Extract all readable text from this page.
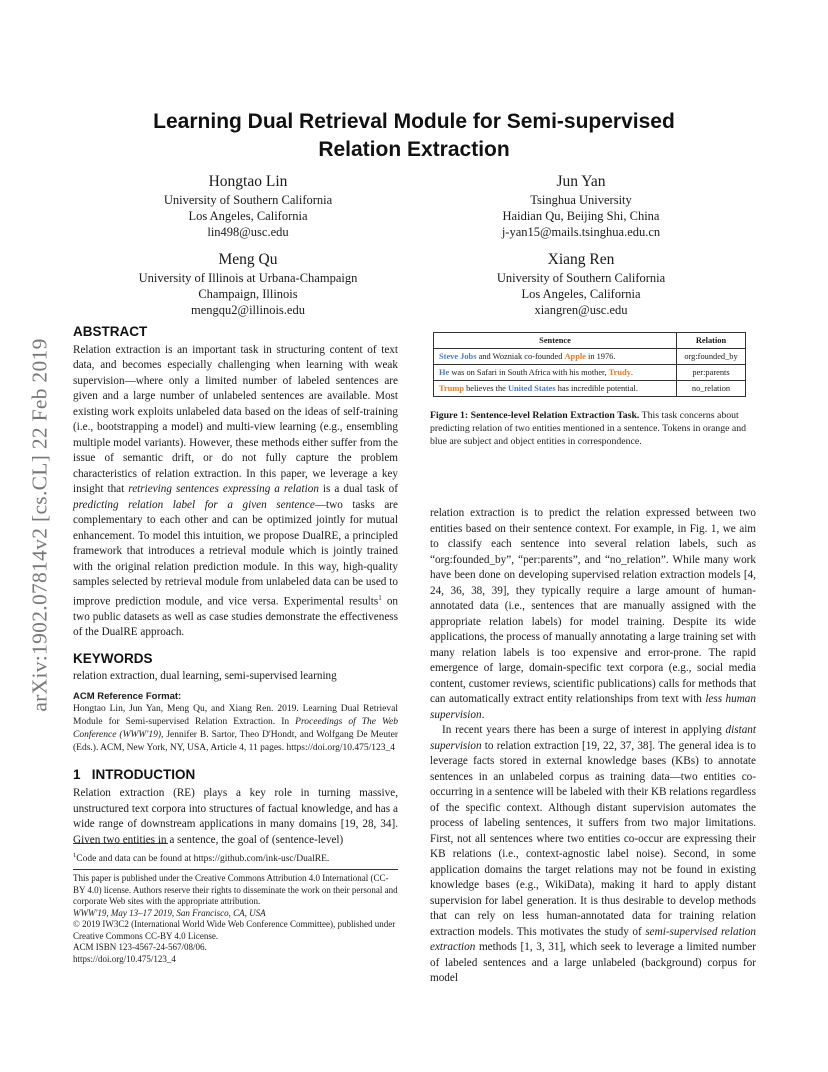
arXiv:1902.07814v2 [cs.CL] 22 Feb 2019
Learning Dual Retrieval Module for Semi-supervised
Relation Extraction
Hongtao Lin
University of Southern California
Los Angeles, California
lin498@usc.edu
Jun Yan
Tsinghua University
Haidian Qu, Beijing Shi, China
j-yan15@mails.tsinghua.edu.cn
Meng Qu
University of Illinois at Urbana-Champaign
Champaign, Illinois
mengqu2@illinois.edu
Xiang Ren
University of Southern California
Los Angeles, California
xiangren@usc.edu
ABSTRACT

Relation extraction is an important task in structuring content of text data, and becomes especially challenging when learning with weak supervision—where only a limited number of labeled sentences are given and a large number of unlabeled sentences are available. Most existing work exploits unlabeled data based on the ideas of self-training (i.e., bootstrapping a model) and multi-view learning (e.g., ensembling multiple model variants). However, these methods either suffer from the issue of semantic drift, or do not fully capture the problem characteristics of relation extraction. In this paper, we leverage a key insight that retrieving sentences expressing a relation is a dual task of predicting relation label for a given sentence—two tasks are complementary to each other and can be optimized jointly for mutual enhancement. To model this intuition, we propose DualRE, a principled framework that introduces a retrieval module which is jointly trained with the original relation prediction module. In this way, high-quality samples selected by retrieval module from unlabeled data can be used to improve prediction module, and vice versa. Experimental results$^1$ on two public datasets as well as case studies demonstrate the effectiveness of the DualRE approach.

KEYWORDS

relation extraction, dual learning, semi-supervised learning

ACM Reference Format:

Hongtao Lin, Jun Yan, Meng Qu, and Xiang Ren. 2019. Learning Dual Retrieval Module for Semi-supervised Relation Extraction. In Proceedings of The Web Conference (WWW'19), Jennifer B. Sartor, Theo D'Hondt, and Wolfgang De Meuter (Eds.). ACM, New York, NY, USA, Article 4, 11 pages. https://doi.org/10.475/123_4

1   INTRODUCTION

Relation extraction (RE) plays a key role in turning massive, unstructured text corpora into structures of factual knowledge, and has a wide range of downstream applications in many domains [19, 28, 34]. Given two entities in a sentence, the goal of (sentence-level)

$^1$Code and data can be found at https://github.com/ink-usc/DualRE.
This paper is published under the Creative Commons Attribution 4.0 International (CC-BY 4.0) license. Authors reserve their rights to disseminate the work on their personal and corporate Web sites with the appropriate attribution.
WWW'19, May 13–17 2019, San Francisco, CA, USA
© 2019 IW3C2 (International World Wide Web Conference Committee), published under Creative Commons CC-BY 4.0 License.
ACM ISBN 123-4567-24-567/08/06.
https://doi.org/10.475/123_4
Sentence	Relation
Steve Jobs and Wozniak co-founded Apple in 1976.	org:founded_by
He was on Safari in South Africa with his mother, Trudy.	per:parents
Trump believes the United States has incredible potential.	no_relation
Figure 1: Sentence-level Relation Extraction Task. This task concerns about predicting relation of two entities mentioned in a sentence. Tokens in orange and blue are subject and object entities in correspondence.

relation extraction is to predict the relation expressed between two entities based on their sentence context. For example, in Fig. 1, we aim to classify each sentence into several relation labels, such as “org:founded_by”, “per:parents”, and “no_relation”. While many work have been done on developing supervised relation extraction models [4, 24, 36, 38, 39], they typically require a large amount of human-annotated data (i.e., sentences that are manually assigned with the appropriate relation labels) for model training. Despite its wide applications, the process of manually annotating a large training set with many relation labels is too expensive and error-prone. The rapid emergence of large, domain-specific text corpora (e.g., social media content, customer reviews, scientific publications) calls for methods that can automatically extract entity relationships from text with less human supervision.

In recent years there has been a surge of interest in applying distant supervision to relation extraction [19, 22, 37, 38]. The general idea is to leverage facts stored in external knowledge bases (KBs) to annotate sentences in an unlabeled corpus as training data—two entities co-occurring in a sentence will be labeled with their KB relations regardless of the specific context. Although distant supervision automates the process of labeling sentences, it suffers from two major limitations. First, not all sentences where two entities co-occur are expressing their KB relations (i.e., context-agnostic label noise). Second, in some application domains the target relations may not be found in existing knowledge bases (e.g., WikiData), making it hard to apply distant supervision for label generation. It is thus desirable to develop methods that can rely on less human-annotated data for training relation extraction models. This motivates the study of semi-supervised relation extraction methods [1, 3, 31], which seek to leverage a limited number of labeled sentences and a large unlabeled (background) corpus for model
